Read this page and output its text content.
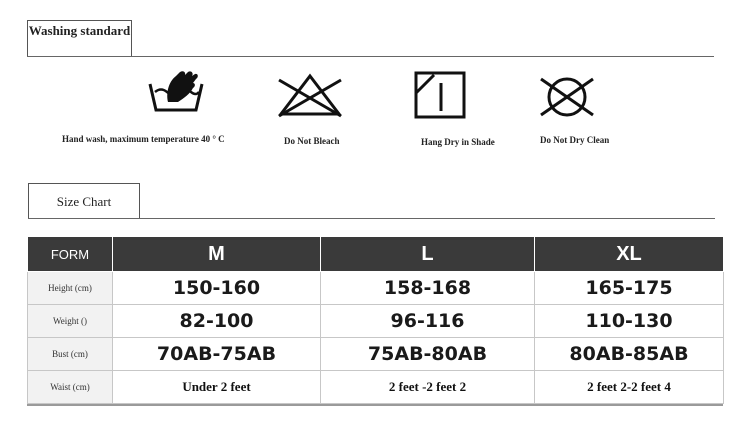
Washing standard
Hand wash, maximum temperature 40 ° C	Do Not Bleach	Hang Dry in Shade	Do Not Dry Clean
Size Chart
FORM	M	L	XL
Height (cm)	150-160	158-168	165-175
Weight ()	82-100	96-116	110-130
Bust (cm)	70AB-75AB	75AB-80AB	80AB-85AB
Waist (cm)	Under 2 feet	2 feet -2 feet 2	2 feet 2-2 feet 4
